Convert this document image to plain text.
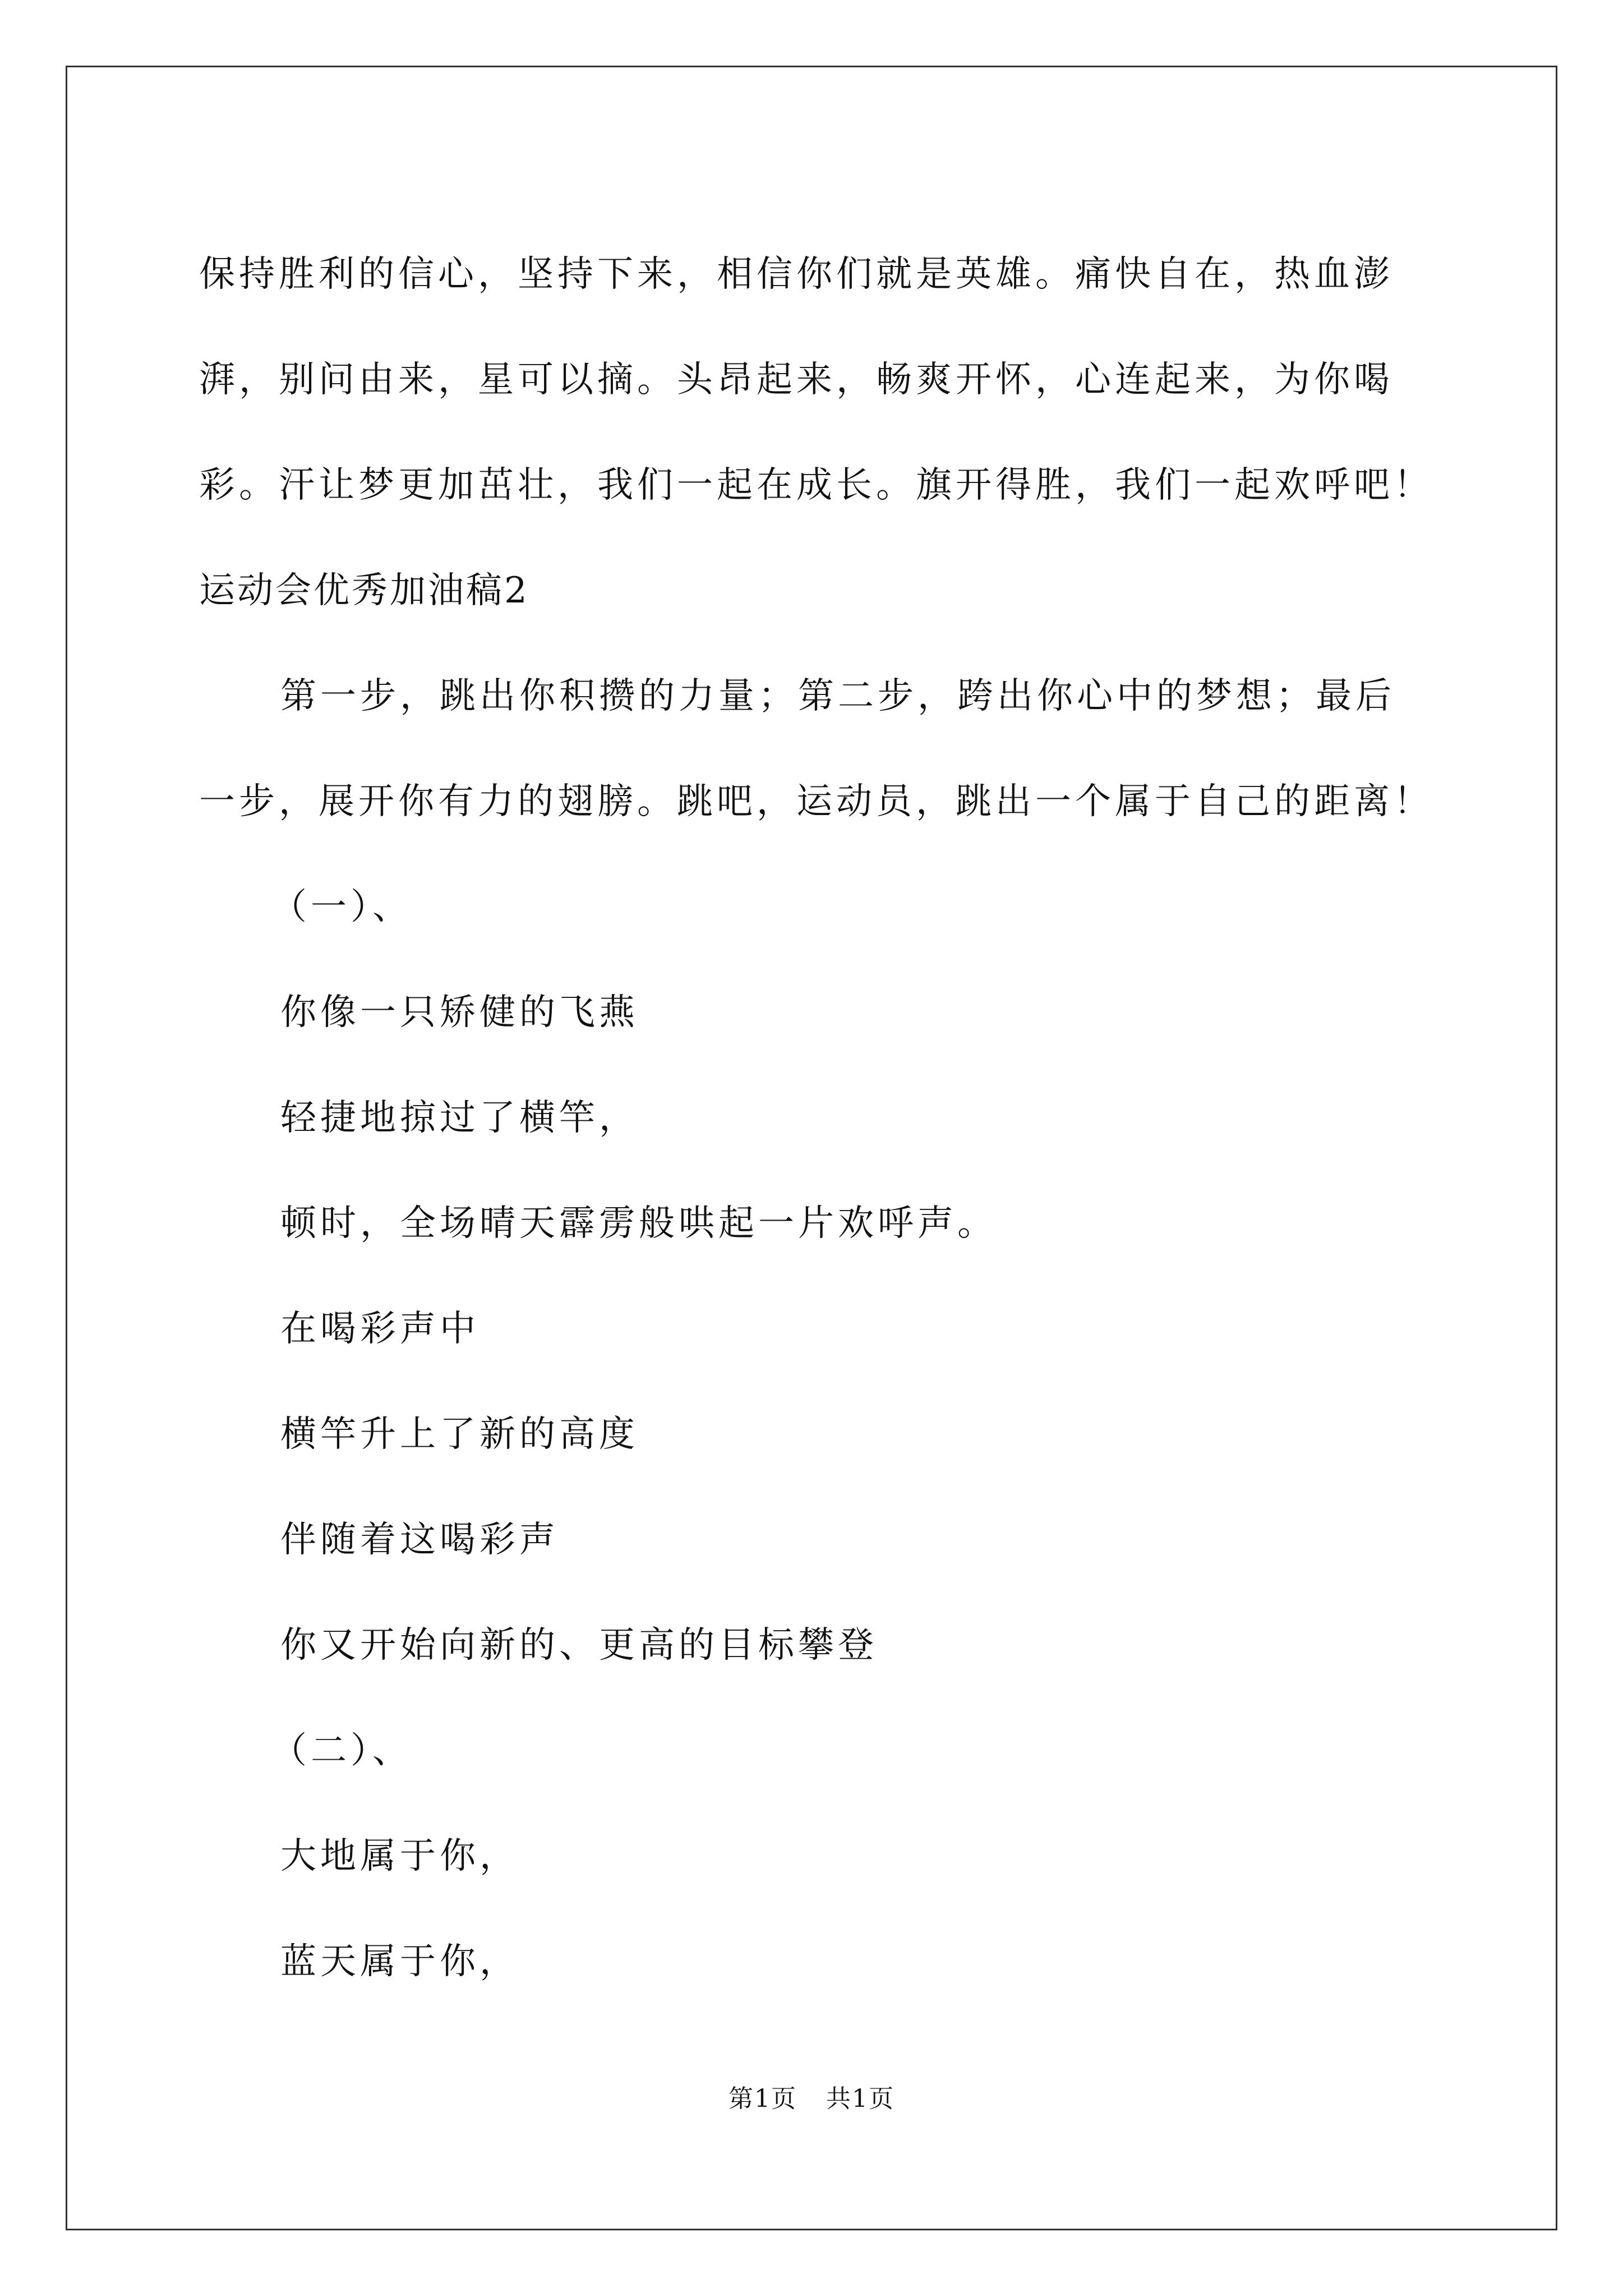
保持胜利的信心，坚持下来，相信你们就是英雄。痛快自在，热血澎

湃，别问由来，星可以摘。头昂起来，畅爽开怀，心连起来，为你喝

彩。汗让梦更加茁壮，我们一起在成长。旗开得胜，我们一起欢呼吧！

运动会优秀加油稿2

第一步，跳出你积攒的力量；第二步，跨出你心中的梦想；最后

一步，展开你有力的翅膀。跳吧，运动员，跳出一个属于自己的距离！

（一）、

你像一只矫健的飞燕

轻捷地掠过了横竿，

顿时，全场晴天霹雳般哄起一片欢呼声。

在喝彩声中

横竿升上了新的高度

伴随着这喝彩声

你又开始向新的、更高的目标攀登

（二）、

大地属于你，

蓝天属于你，

第1页 共1页
